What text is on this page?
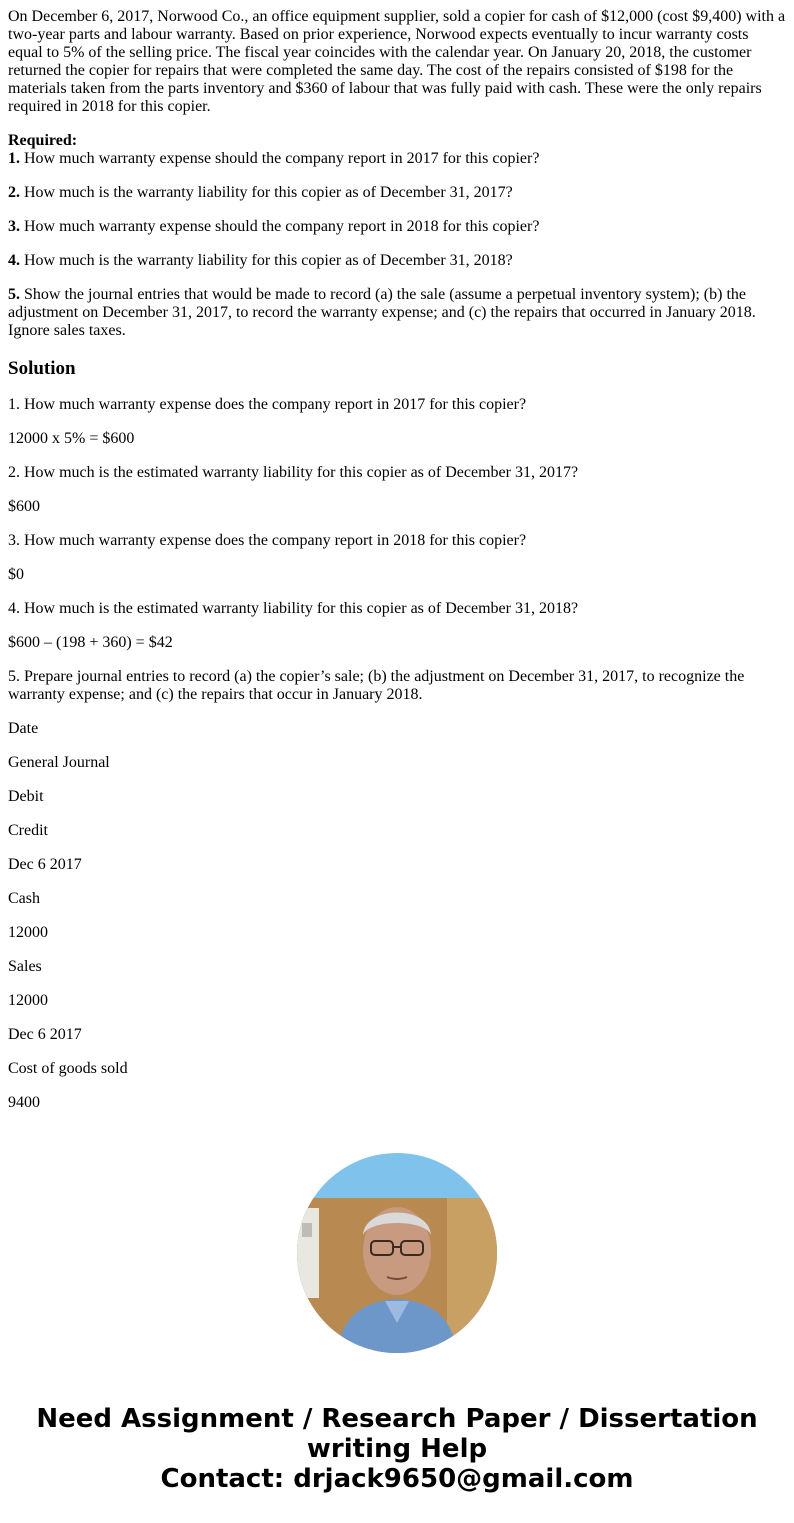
On December 6, 2017, Norwood Co., an office equipment supplier, sold a copier for cash of $12,000 (cost $9,400) with a two-year parts and labour warranty. Based on prior experience, Norwood expects eventually to incur warranty costs equal to 5% of the selling price. The fiscal year coincides with the calendar year. On January 20, 2018, the customer returned the copier for repairs that were completed the same day. The cost of the repairs consisted of $198 for the materials taken from the parts inventory and $360 of labour that was fully paid with cash. These were the only repairs required in 2018 for this copier.

Required:

1. How much warranty expense should the company report in 2017 for this copier?

2. How much is the warranty liability for this copier as of December 31, 2017?

3. How much warranty expense should the company report in 2018 for this copier?

4. How much is the warranty liability for this copier as of December 31, 2018?

5. Show the journal entries that would be made to record (a) the sale (assume a perpetual inventory system); (b) the adjustment on December 31, 2017, to record the warranty expense; and (c) the repairs that occurred in January 2018. Ignore sales taxes.

Solution

1. How much warranty expense does the company report in 2017 for this copier?

12000 x 5% = $600

2. How much is the estimated warranty liability for this copier as of December 31, 2017?

$600

3. How much warranty expense does the company report in 2018 for this copier?

$0

4. How much is the estimated warranty liability for this copier as of December 31, 2018?

$600 – (198 + 360) = $42

5. Prepare journal entries to record (a) the copier’s sale; (b) the adjustment on December 31, 2017, to recognize the warranty expense; and (c) the repairs that occur in January 2018.

Date

General Journal

Debit

Credit

Dec 6 2017

Cash

12000

Sales

12000

Dec 6 2017

Cost of goods sold

9400

Need Assignment / Research Paper / Dissertation
writing Help
Contact: drjack9650@gmail.com
